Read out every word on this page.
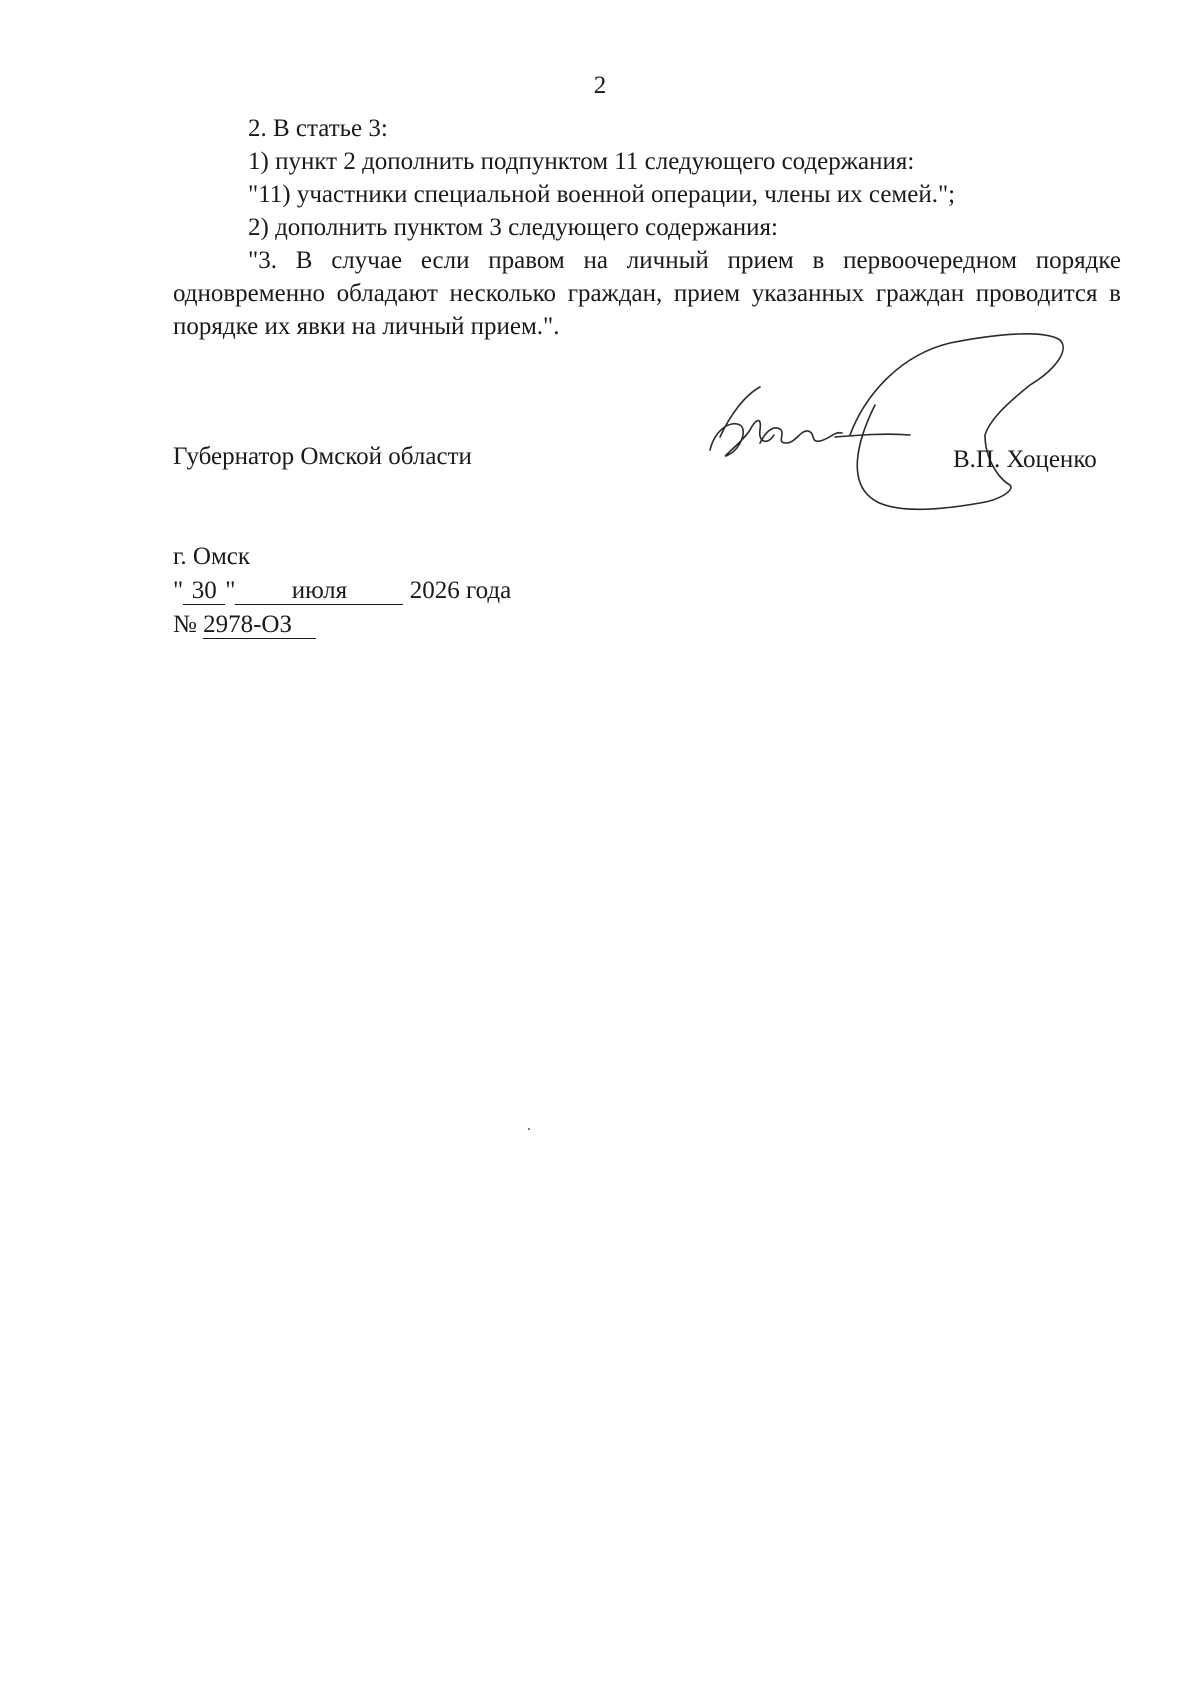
2

2. В статье 3:

1) пункт 2 дополнить подпунктом 11 следующего содержания:

"11) участники специальной военной операции, члены их семей.";

2) дополнить пунктом 3 следующего содержания:

"3. В случае если правом на личный прием в первоочередном порядке одновременно обладают несколько граждан, прием указанных граждан проводится в порядке их явки на личный прием.".

Губернатор Омской области	В.П. Хоценко
г. Омск
" 30" июля 2026 года
№ 2978-ОЗ
